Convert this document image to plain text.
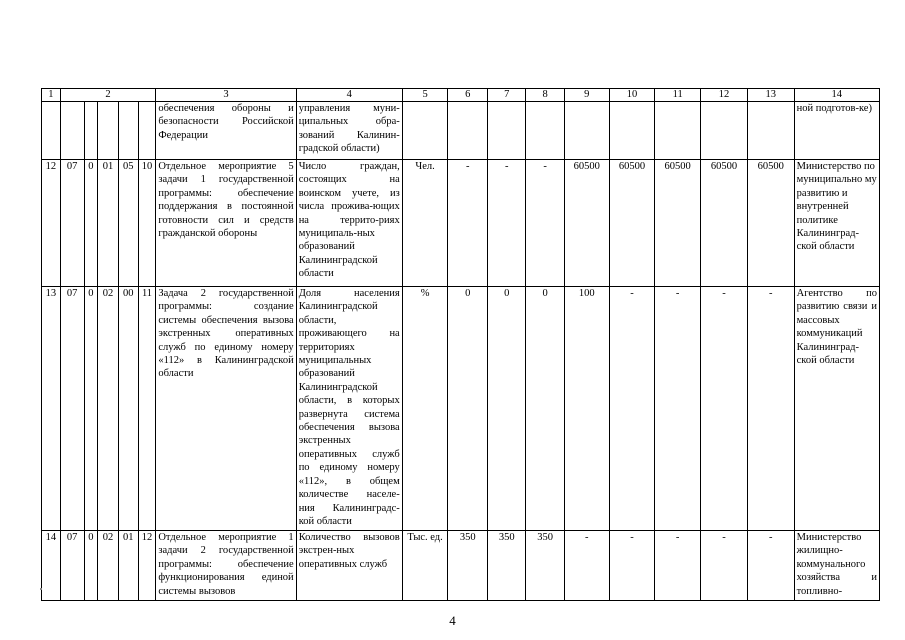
1	2					3	4	5	6	7	8	9	10	11	12	13	14
						обеспечения обороны и безопасности Российской Федерации	управления муни-ципальных обра-зований Калинин-градской области)										ной подготов-ке)
12	07	0	01	05	10	Отдельное мероприятие 5 задачи 1 государственной программы: обеспечение поддержания в постоянной готовности сил и средств гражданской обороны	Число граждан, состоящих на воинском учете, из числа прожива-ющих на террито-риях муниципаль-ных образований Калининградской области	Чел.	-	-	-	60500	60500	60500	60500	60500	Министерство по муниципально му развитию и внутренней политике Калининград-ской области
13	07	0	02	00	11	Задача 2 государственной программы: создание системы обеспечения вызова экстренных оперативных служб по единому номеру «112» в Калининградской области	Доля населения Калининградской области, проживающего на территориях муниципальных образований Калининградской области, в которых развернута система обеспечения вызова экстренных оперативных служб по единому номеру «112», в общем количестве населе-ния Калининградс-кой области	%	0	0	0	100	-	-	-	-	Агентство по развитию связи и массовых коммуникаций Калининград-ской области
14	07	0	02	01	12	Отдельное мероприятие 1 задачи 2 государственной программы: обеспечение функционирования единой системы вызовов	Количество вызовов экстрен-ных оперативных служб	Тыс. ед.	350	350	350	-	-	-	-	-	Министерство жилищно-коммунального хозяйства и топливно-
4
